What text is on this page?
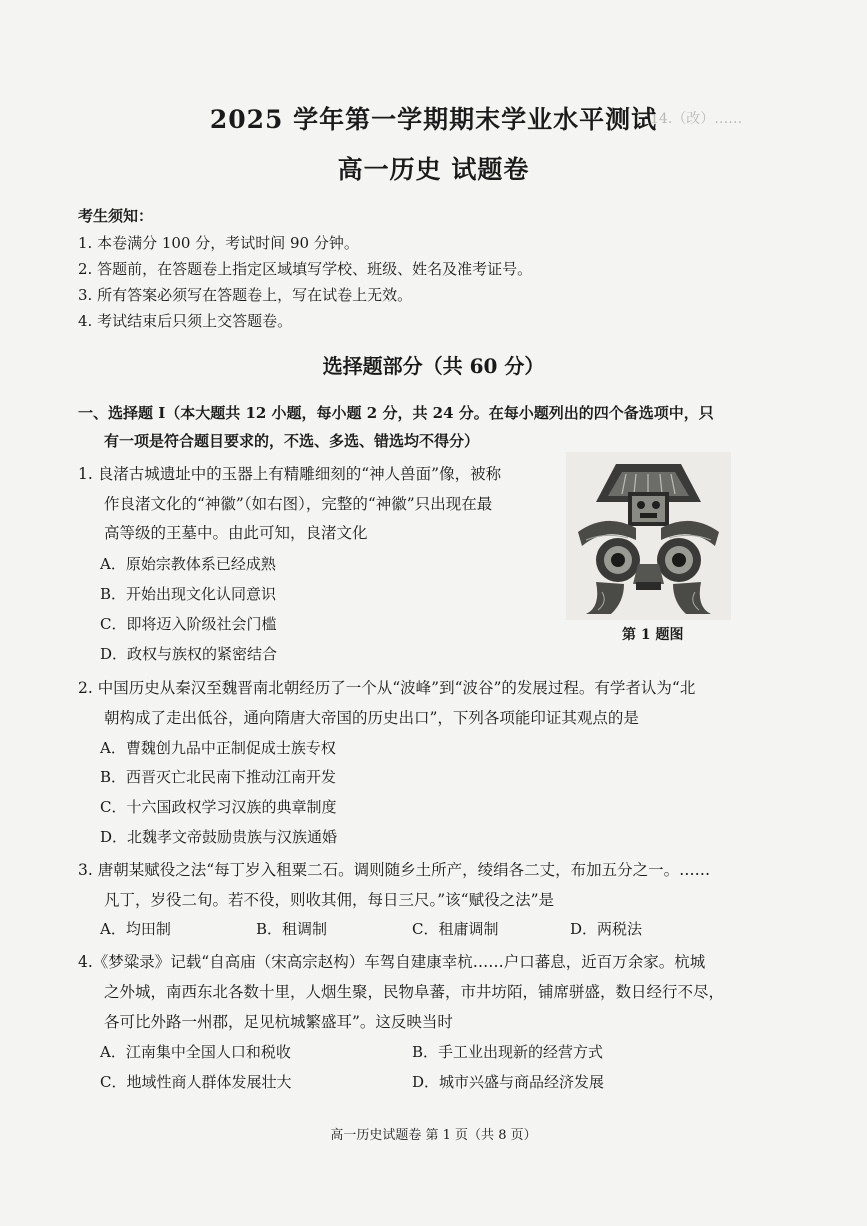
14.（改）……
2025 学年第一学期期末学业水平测试
高一历史 试题卷
考生须知：
1. 本卷满分 100 分，考试时间 90 分钟。
2. 答题前，在答题卷上指定区域填写学校、班级、姓名及准考证号。
3. 所有答案必须写在答题卷上，写在试卷上无效。
4. 考试结束后只须上交答题卷。
选择题部分（共 60 分）
一、选择题 I（本大题共 12 小题，每小题 2 分，共 24 分。在每小题列出的四个备选项中，只
有一项是符合题目要求的，不选、多选、错选均不得分）
1. 良渚古城遗址中的玉器上有精雕细刻的“神人兽面”像，被称
作良渚文化的“神徽”（如右图），完整的“神徽”只出现在最
高等级的王墓中。由此可知，良渚文化
A．原始宗教体系已经成熟
B．开始出现文化认同意识
C．即将迈入阶级社会门槛
D．政权与族权的紧密结合
第 1 题图
2. 中国历史从秦汉至魏晋南北朝经历了一个从“波峰”到“波谷”的发展过程。有学者认为“北
朝构成了走出低谷，通向隋唐大帝国的历史出口”，下列各项能印证其观点的是
A．曹魏创九品中正制促成士族专权
B．西晋灭亡北民南下推动江南开发
C．十六国政权学习汉族的典章制度
D．北魏孝文帝鼓励贵族与汉族通婚
3. 唐朝某赋役之法“每丁岁入租粟二石。调则随乡土所产，绫绢各二丈，布加五分之一。……
凡丁，岁役二旬。若不役，则收其佣，每日三尺。”该“赋役之法”是
A．均田制	B．租调制	C．租庸调制	D．两税法
4.《梦粱录》记载“自高庙（宋高宗赵构）车驾自建康幸杭……户口蕃息，近百万余家。杭城
之外城，南西东北各数十里，人烟生聚，民物阜蕃，市井坊陌，铺席骈盛，数日经行不尽，
各可比外路一州郡，足见杭城繁盛耳”。这反映当时
A．江南集中全国人口和税收	B．手工业出现新的经营方式
C．地域性商人群体发展壮大	D．城市兴盛与商品经济发展
高一历史试题卷 第 1 页（共 8 页）
